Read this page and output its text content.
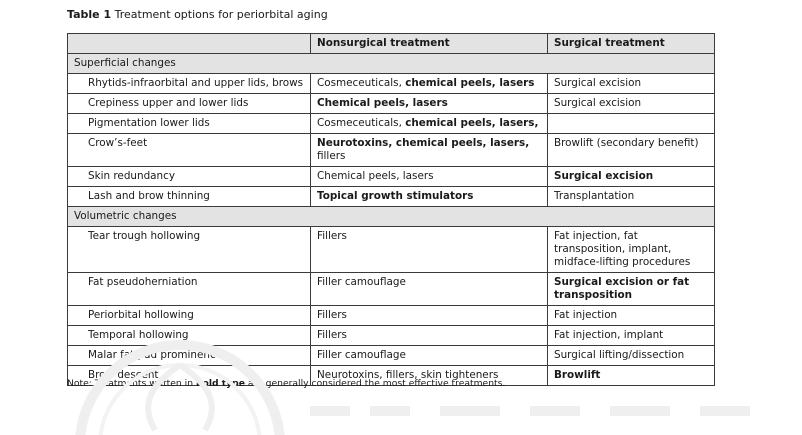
Table 1 Treatment options for periorbital aging
	Nonsurgical treatment	Surgical treatment
Superficial changes		
Rhytids-infraorbital and upper lids, brows	Cosmeceuticals, chemical peels, lasers	Surgical excision
Crepiness upper and lower lids	Chemical peels, lasers	Surgical excision
Pigmentation lower lids	Cosmeceuticals, chemical peels, lasers,	
Crow’s-feet	Neurotoxins, chemical peels, lasers, fillers	Browlift (secondary benefit)
Skin redundancy	Chemical peels, lasers	Surgical excision
Lash and brow thinning	Topical growth stimulators	Transplantation
Volumetric changes		
Tear trough hollowing	Fillers	Fat injection, fat transposition, implant, midface-lifting procedures
Fat pseudoherniation	Filler camouflage	Surgical excision or fat transposition
Periorbital hollowing	Fillers	Fat injection
Temporal hollowing	Fillers	Fat injection, implant
Malar fat pad prominence	Filler camouflage	Surgical lifting/dissection
Brow descent	Neurotoxins, fillers, skin tighteners	Browlift
Note: Treatments written in bold type are generally considered the most effective treatments.
